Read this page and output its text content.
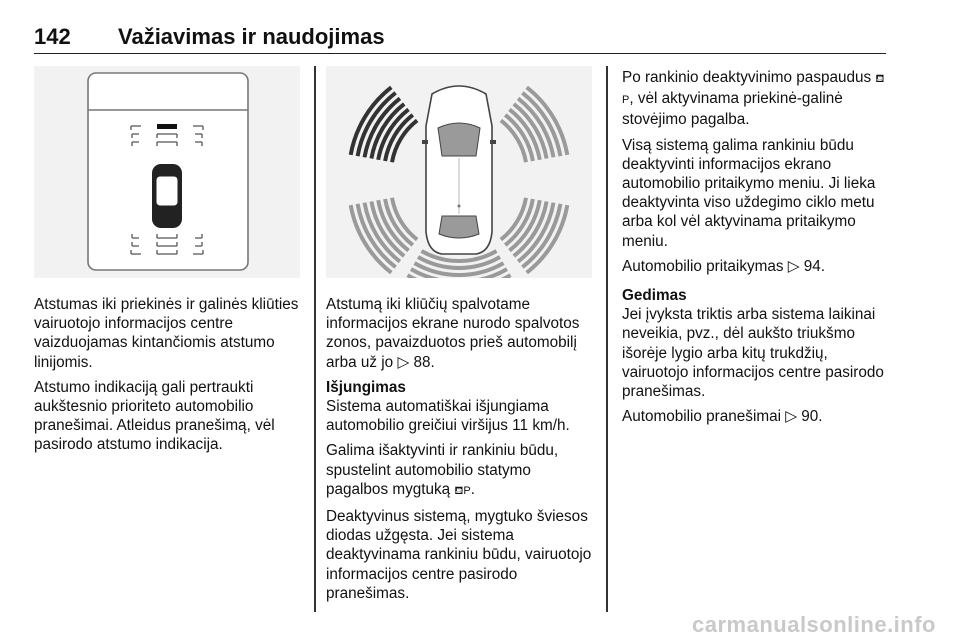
142 Važiavimas ir naudojimas

Atstumas iki priekinės ir galinės kliūties vairuotojo informacijos centre vaizduojamas kintančiomis atstumo linijomis.

Atstumo indikaciją gali pertraukti aukštesnio prioriteto automobilio pranešimai. Atleidus pranešimą, vėl pasirodo atstumo indikacija.

Atstumą iki kliūčių spalvotame informacijos ekrane nurodo spalvotos zonos, pavaizduotos prieš automobilį arba už jo ▷ 88.

Išjungimas

Sistema automatiškai išjungiama automobilio greičiui viršijus 11 km/h.

Galima išaktyvinti ir rankiniu būdu, spustelint automobilio statymo pagalbos mygtuką ⛾P.

Deaktyvinus sistemą, mygtuko šviesos diodas užgęsta. Jei sistema deaktyvinama rankiniu būdu, vairuotojo informacijos centre pasirodo pranešimas.

Po rankinio deaktyvinimo paspaudus ⛾P, vėl aktyvinama priekinė-galinė stovėjimo pagalba.

Visą sistemą galima rankiniu būdu deaktyvinti informacijos ekrano automobilio pritaikymo meniu. Ji lieka deaktyvinta viso uždegimo ciklo metu arba kol vėl aktyvinama pritaikymo meniu.

Automobilio pritaikymas ▷ 94.

Gedimas

Jei įvyksta triktis arba sistema laikinai neveikia, pvz., dėl aukšto triukšmo išorėje lygio arba kitų trukdžių, vairuotojo informacijos centre pasirodo pranešimas.

Automobilio pranešimai ▷ 90.

carmanualsonline.info
